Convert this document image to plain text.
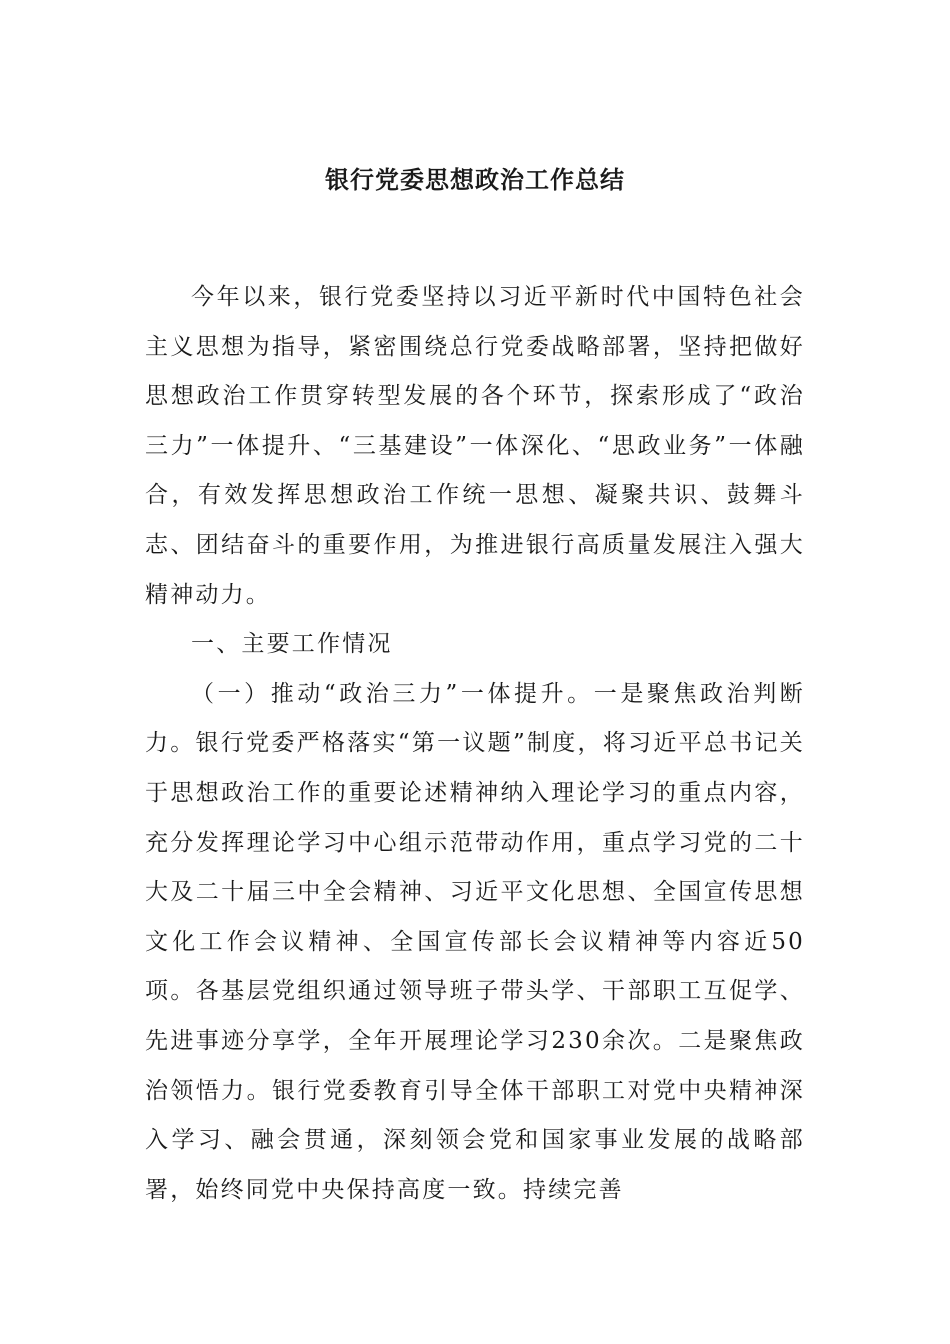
银行党委思想政治工作总结

今年以来，银行党委坚持以习近平新时代中国特色社会主义思想为指导，紧密围绕总行党委战略部署，坚持把做好思想政治工作贯穿转型发展的各个环节，探索形成了“政治三力”一体提升、“三基建设”一体深化、“思政业务”一体融合，有效发挥思想政治工作统一思想、凝聚共识、鼓舞斗志、团结奋斗的重要作用，为推进银行高质量发展注入强大精神动力。

一、主要工作情况

（一）推动“政治三力”一体提升。一是聚焦政治判断力。银行党委严格落实“第一议题”制度，将习近平总书记关于思想政治工作的重要论述精神纳入理论学习的重点内容，充分发挥理论学习中心组示范带动作用，重点学习党的二十大及二十届三中全会精神、习近平文化思想、全国宣传思想文化工作会议精神、全国宣传部长会议精神等内容近50项。各基层党组织通过领导班子带头学、干部职工互促学、先进事迹分享学，全年开展理论学习230余次。二是聚焦政治领悟力。银行党委教育引导全体干部职工对党中央精神深入学习、融会贯通，深刻领会党和国家事业发展的战略部署，始终同党中央保持高度一致。持续完善
